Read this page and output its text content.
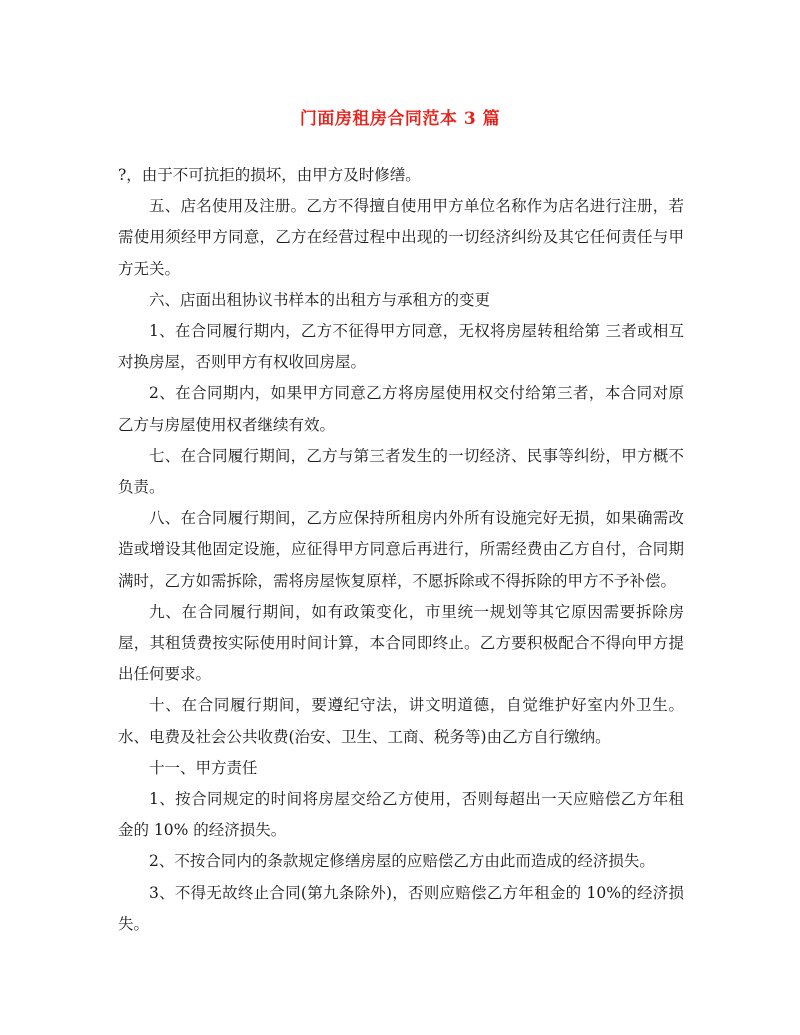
门面房租房合同范本 3 篇

?，由于不可抗拒的损坏，由甲方及时修缮。

五、店名使用及注册。乙方不得擅自使用甲方单位名称作为店名进行注册，若需使用须经甲方同意，乙方在经营过程中出现的一切经济纠纷及其它任何责任与甲方无关。

六、店面出租协议书样本的出租方与承租方的变更

1、在合同履行期内，乙方不征得甲方同意，无权将房屋转租给第 三者或相互对换房屋，否则甲方有权收回房屋。

2、在合同期内，如果甲方同意乙方将房屋使用权交付给第三者，本合同对原乙方与房屋使用权者继续有效。

七、在合同履行期间，乙方与第三者发生的一切经济、民事等纠纷，甲方概不负责。

八、在合同履行期间，乙方应保持所租房内外所有设施完好无损，如果确需改造或增设其他固定设施，应征得甲方同意后再进行，所需经费由乙方自付，合同期满时，乙方如需拆除，需将房屋恢复原样，不愿拆除或不得拆除的甲方不予补偿。

九、在合同履行期间，如有政策变化，市里统一规划等其它原因需要拆除房屋，其租赁费按实际使用时间计算，本合同即终止。乙方要积极配合不得向甲方提出任何要求。

十、在合同履行期间，要遵纪守法，讲文明道德，自觉维护好室内外卫生。水、电费及社会公共收费(治安、卫生、工商、税务等)由乙方自行缴纳。

十一、甲方责任

1、按合同规定的时间将房屋交给乙方使用，否则每超出一天应赔偿乙方年租金的 10% 的经济损失。

2、不按合同内的条款规定修缮房屋的应赔偿乙方由此而造成的经济损失。

3、不得无故终止合同(第九条除外)，否则应赔偿乙方年租金的 10%的经济损失。
